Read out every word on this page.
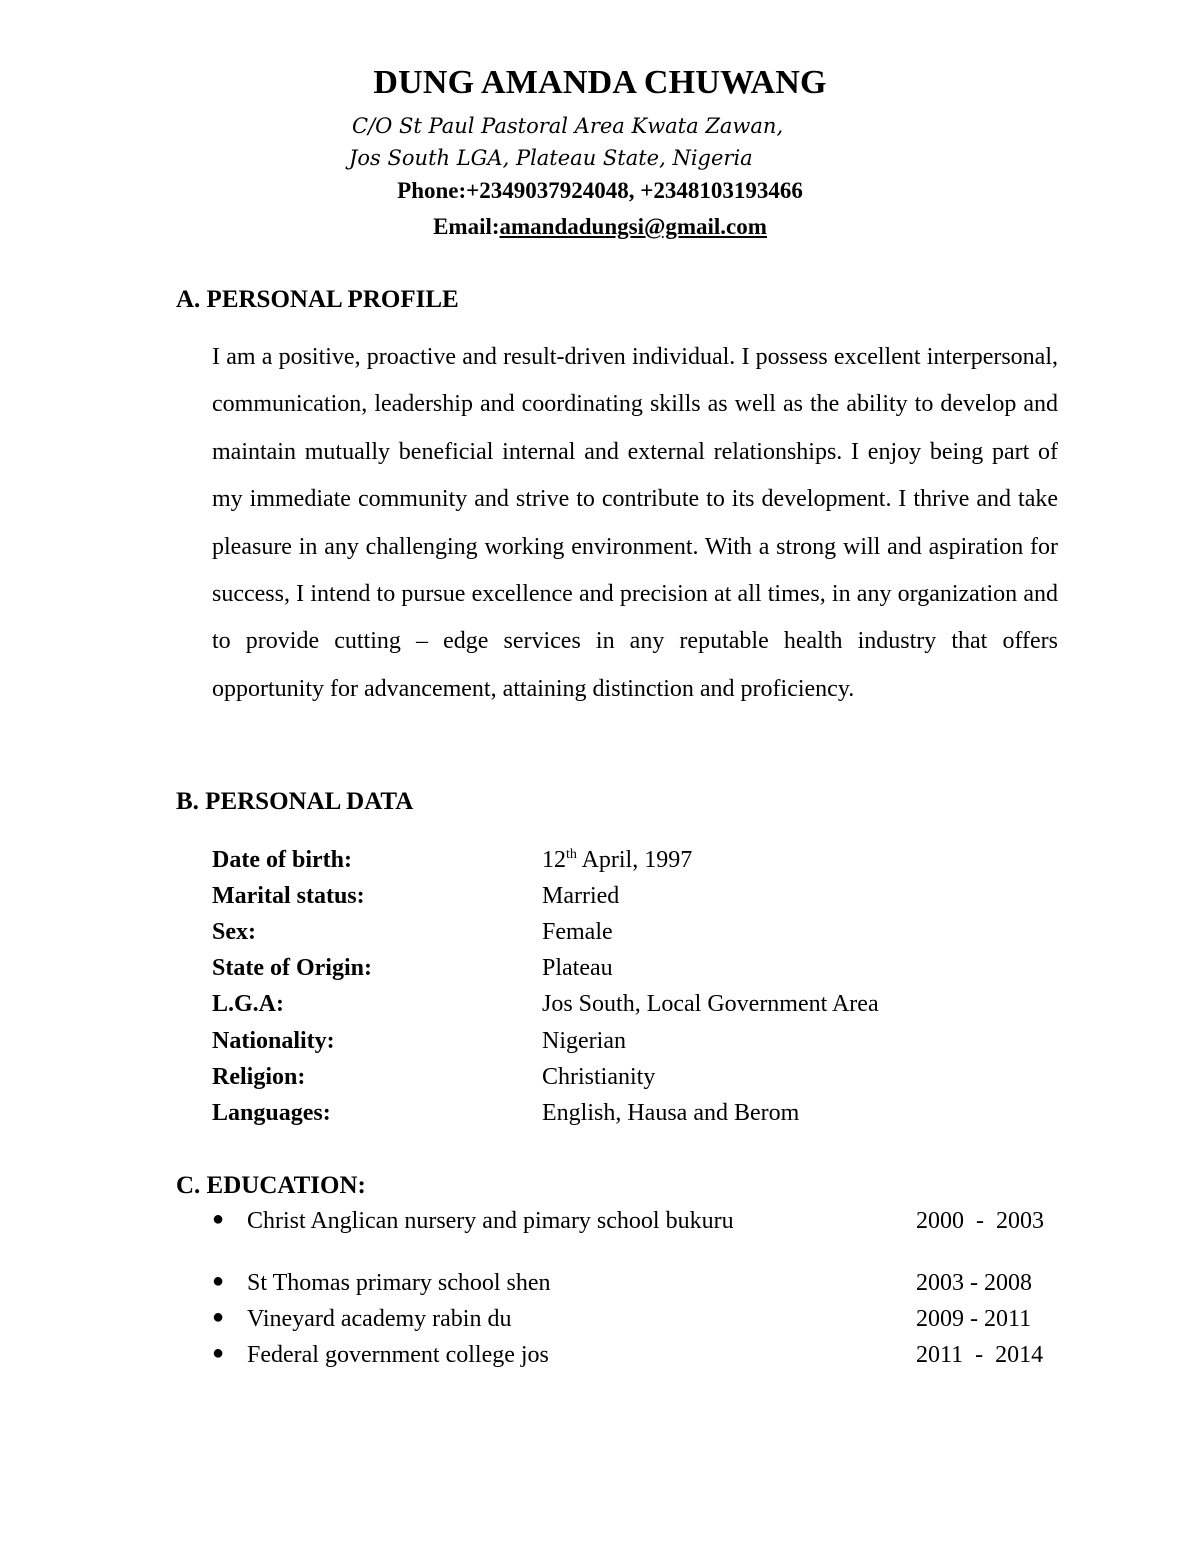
DUNG AMANDA CHUWANG
C/O St Paul Pastoral Area Kwata Zawan,
Jos South LGA, Plateau State, Nigeria
Phone:+2349037924048, +2348103193466
Email:amandadungsi@gmail.com
A. PERSONAL PROFILE

I am a positive, proactive and result-driven individual. I possess excellent interpersonal, communication, leadership and coordinating skills as well as the ability to develop and maintain mutually beneficial internal and external relationships. I enjoy being part of my immediate community and strive to contribute to its development. I thrive and take pleasure in any challenging working environment. With a strong will and aspiration for success, I intend to pursue excellence and precision at all times, in any organization and to provide cutting – edge services in any reputable health industry that offers opportunity for advancement, attaining distinction and proficiency.

B. PERSONAL DATA
Date of birth:	12th April, 1997
Marital status:	Married
Sex:	Female
State of Origin:	Plateau
L.G.A:	Jos South, Local Government Area
Nationality:	Nigerian
Religion:	Christianity
Languages:	English, Hausa and Berom
C. EDUCATION:
● Christ Anglican nursery and pimary school bukuru	2000  -  2003
● St Thomas primary school shen	2003 - 2008
● Vineyard academy rabin du	2009 - 2011
● Federal government college jos	2011  -  2014
